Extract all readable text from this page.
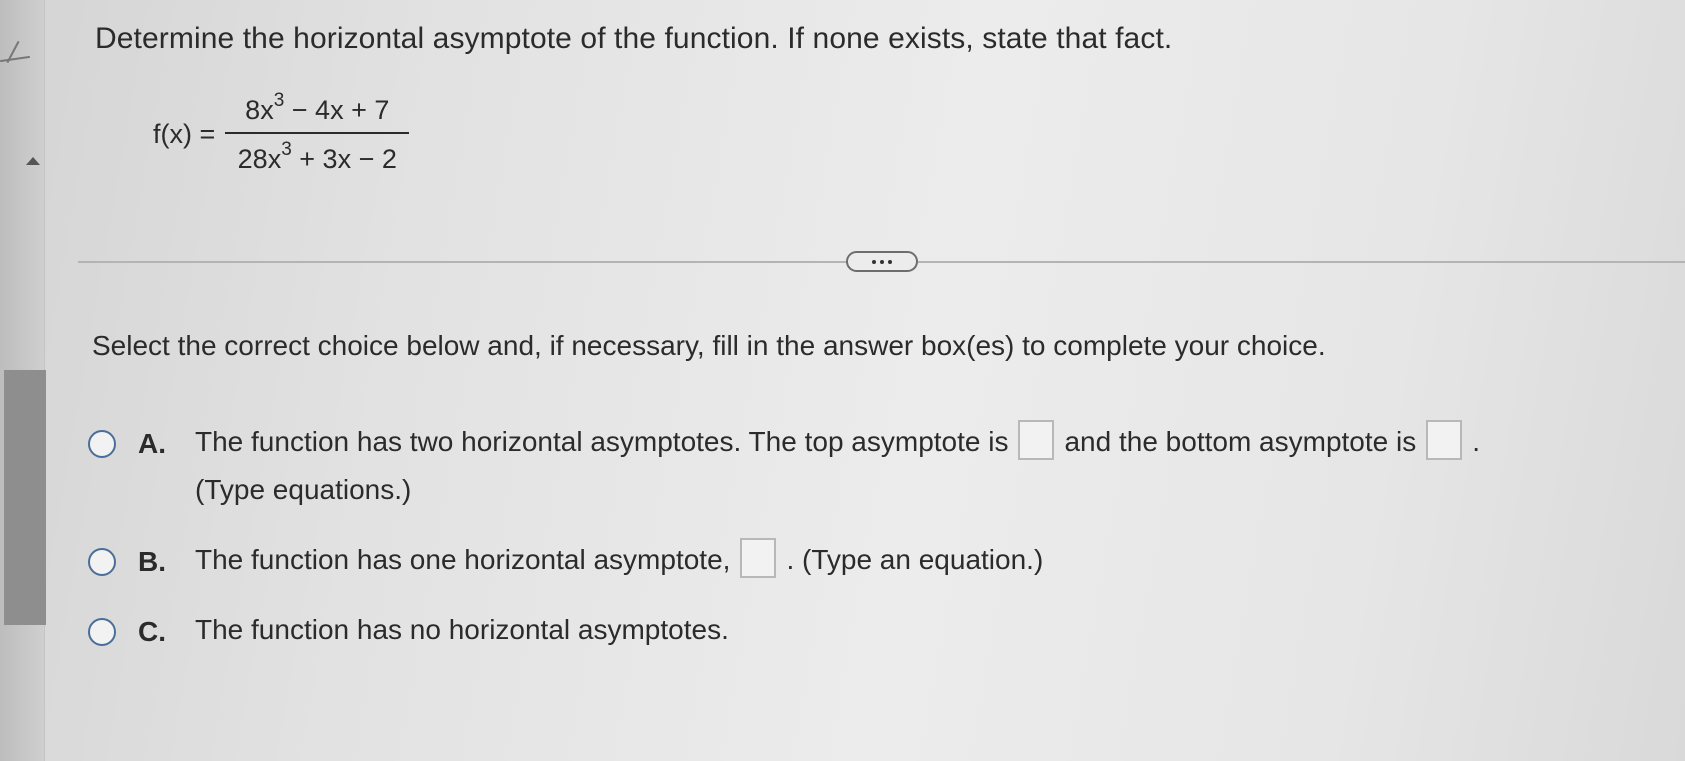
Determine the horizontal asymptote of the function. If none exists, state that fact.
$f(x) = \frac{8x^3 - 4x + 7}{28x^3 + 3x - 2}$
Select the correct choice below and, if necessary, fill in the answer box(es) to complete your choice.
A.	The function has two horizontal asymptotes. The top asymptote is and the bottom asymptote is .
(Type equations.)
B.	The function has one horizontal asymptote, . (Type an equation.)
C.	The function has no horizontal asymptotes.
